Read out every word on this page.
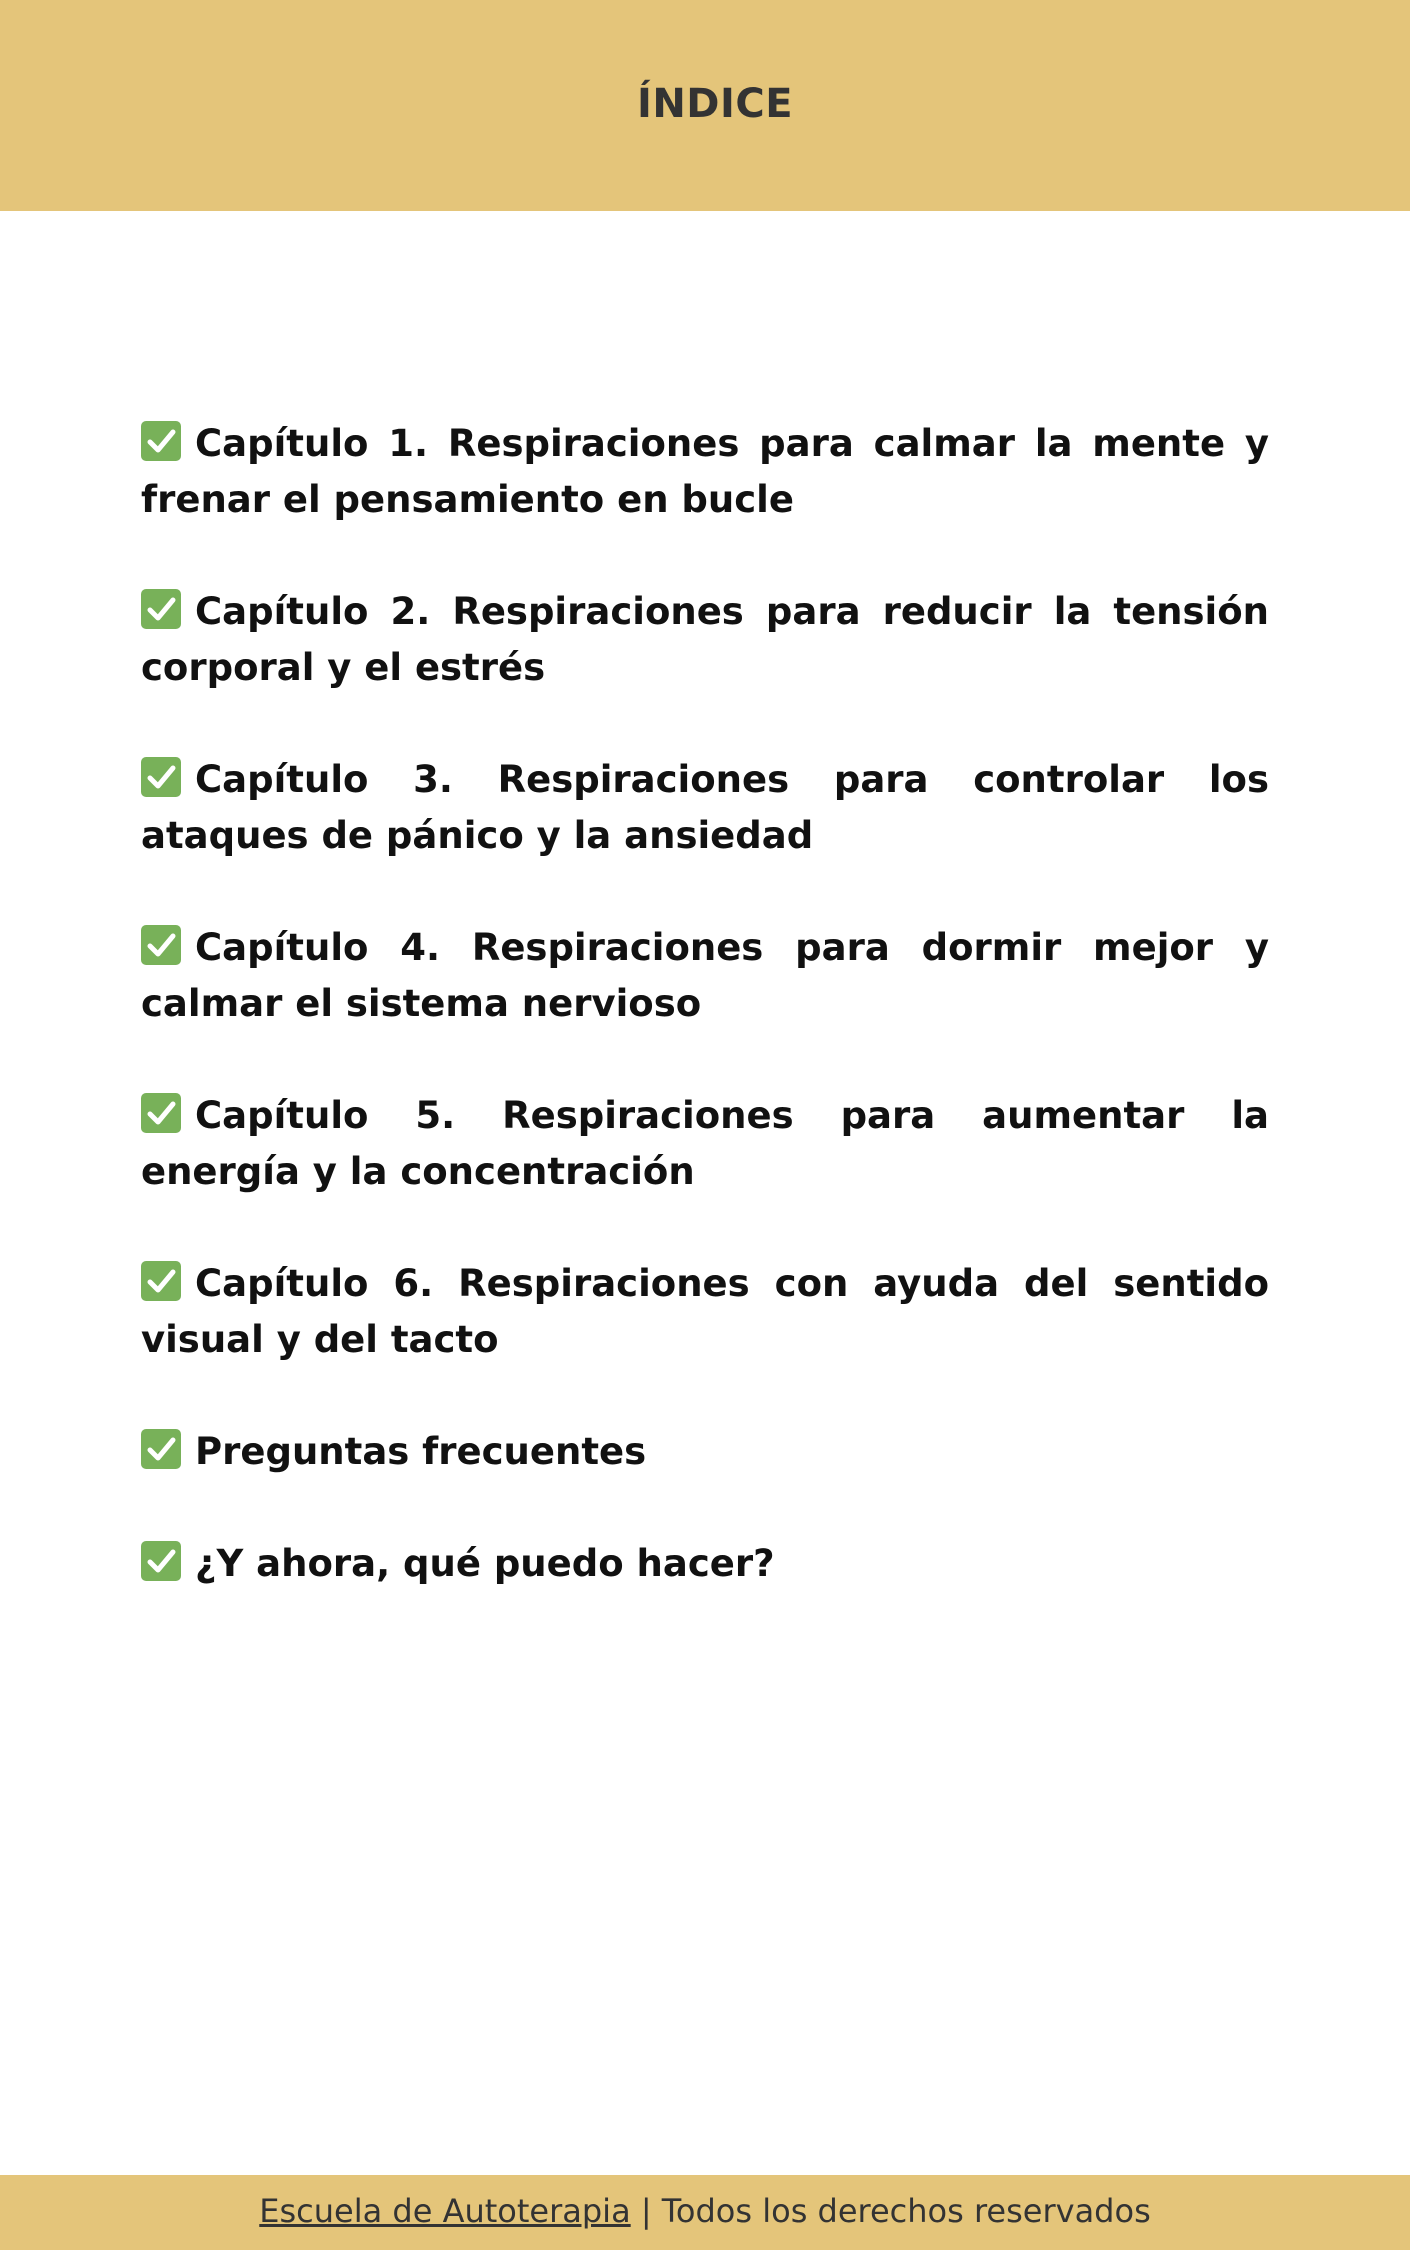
ÍNDICE
Capítulo 1. Respiraciones para calmar la mente y frenar el pensamiento en bucle
Capítulo 2. Respiraciones para reducir la tensión corporal y el estrés
Capítulo 3. Respiraciones para controlar los ataques de pánico y la ansiedad
Capítulo 4. Respiraciones para dormir mejor y calmar el sistema nervioso
Capítulo 5. Respiraciones para aumentar la energía y la concentración
Capítulo 6. Respiraciones con ayuda del sentido visual y del tacto
Preguntas frecuentes
¿Y ahora, qué puedo hacer?
Escuela de Autoterapia | Todos los derechos reservados
